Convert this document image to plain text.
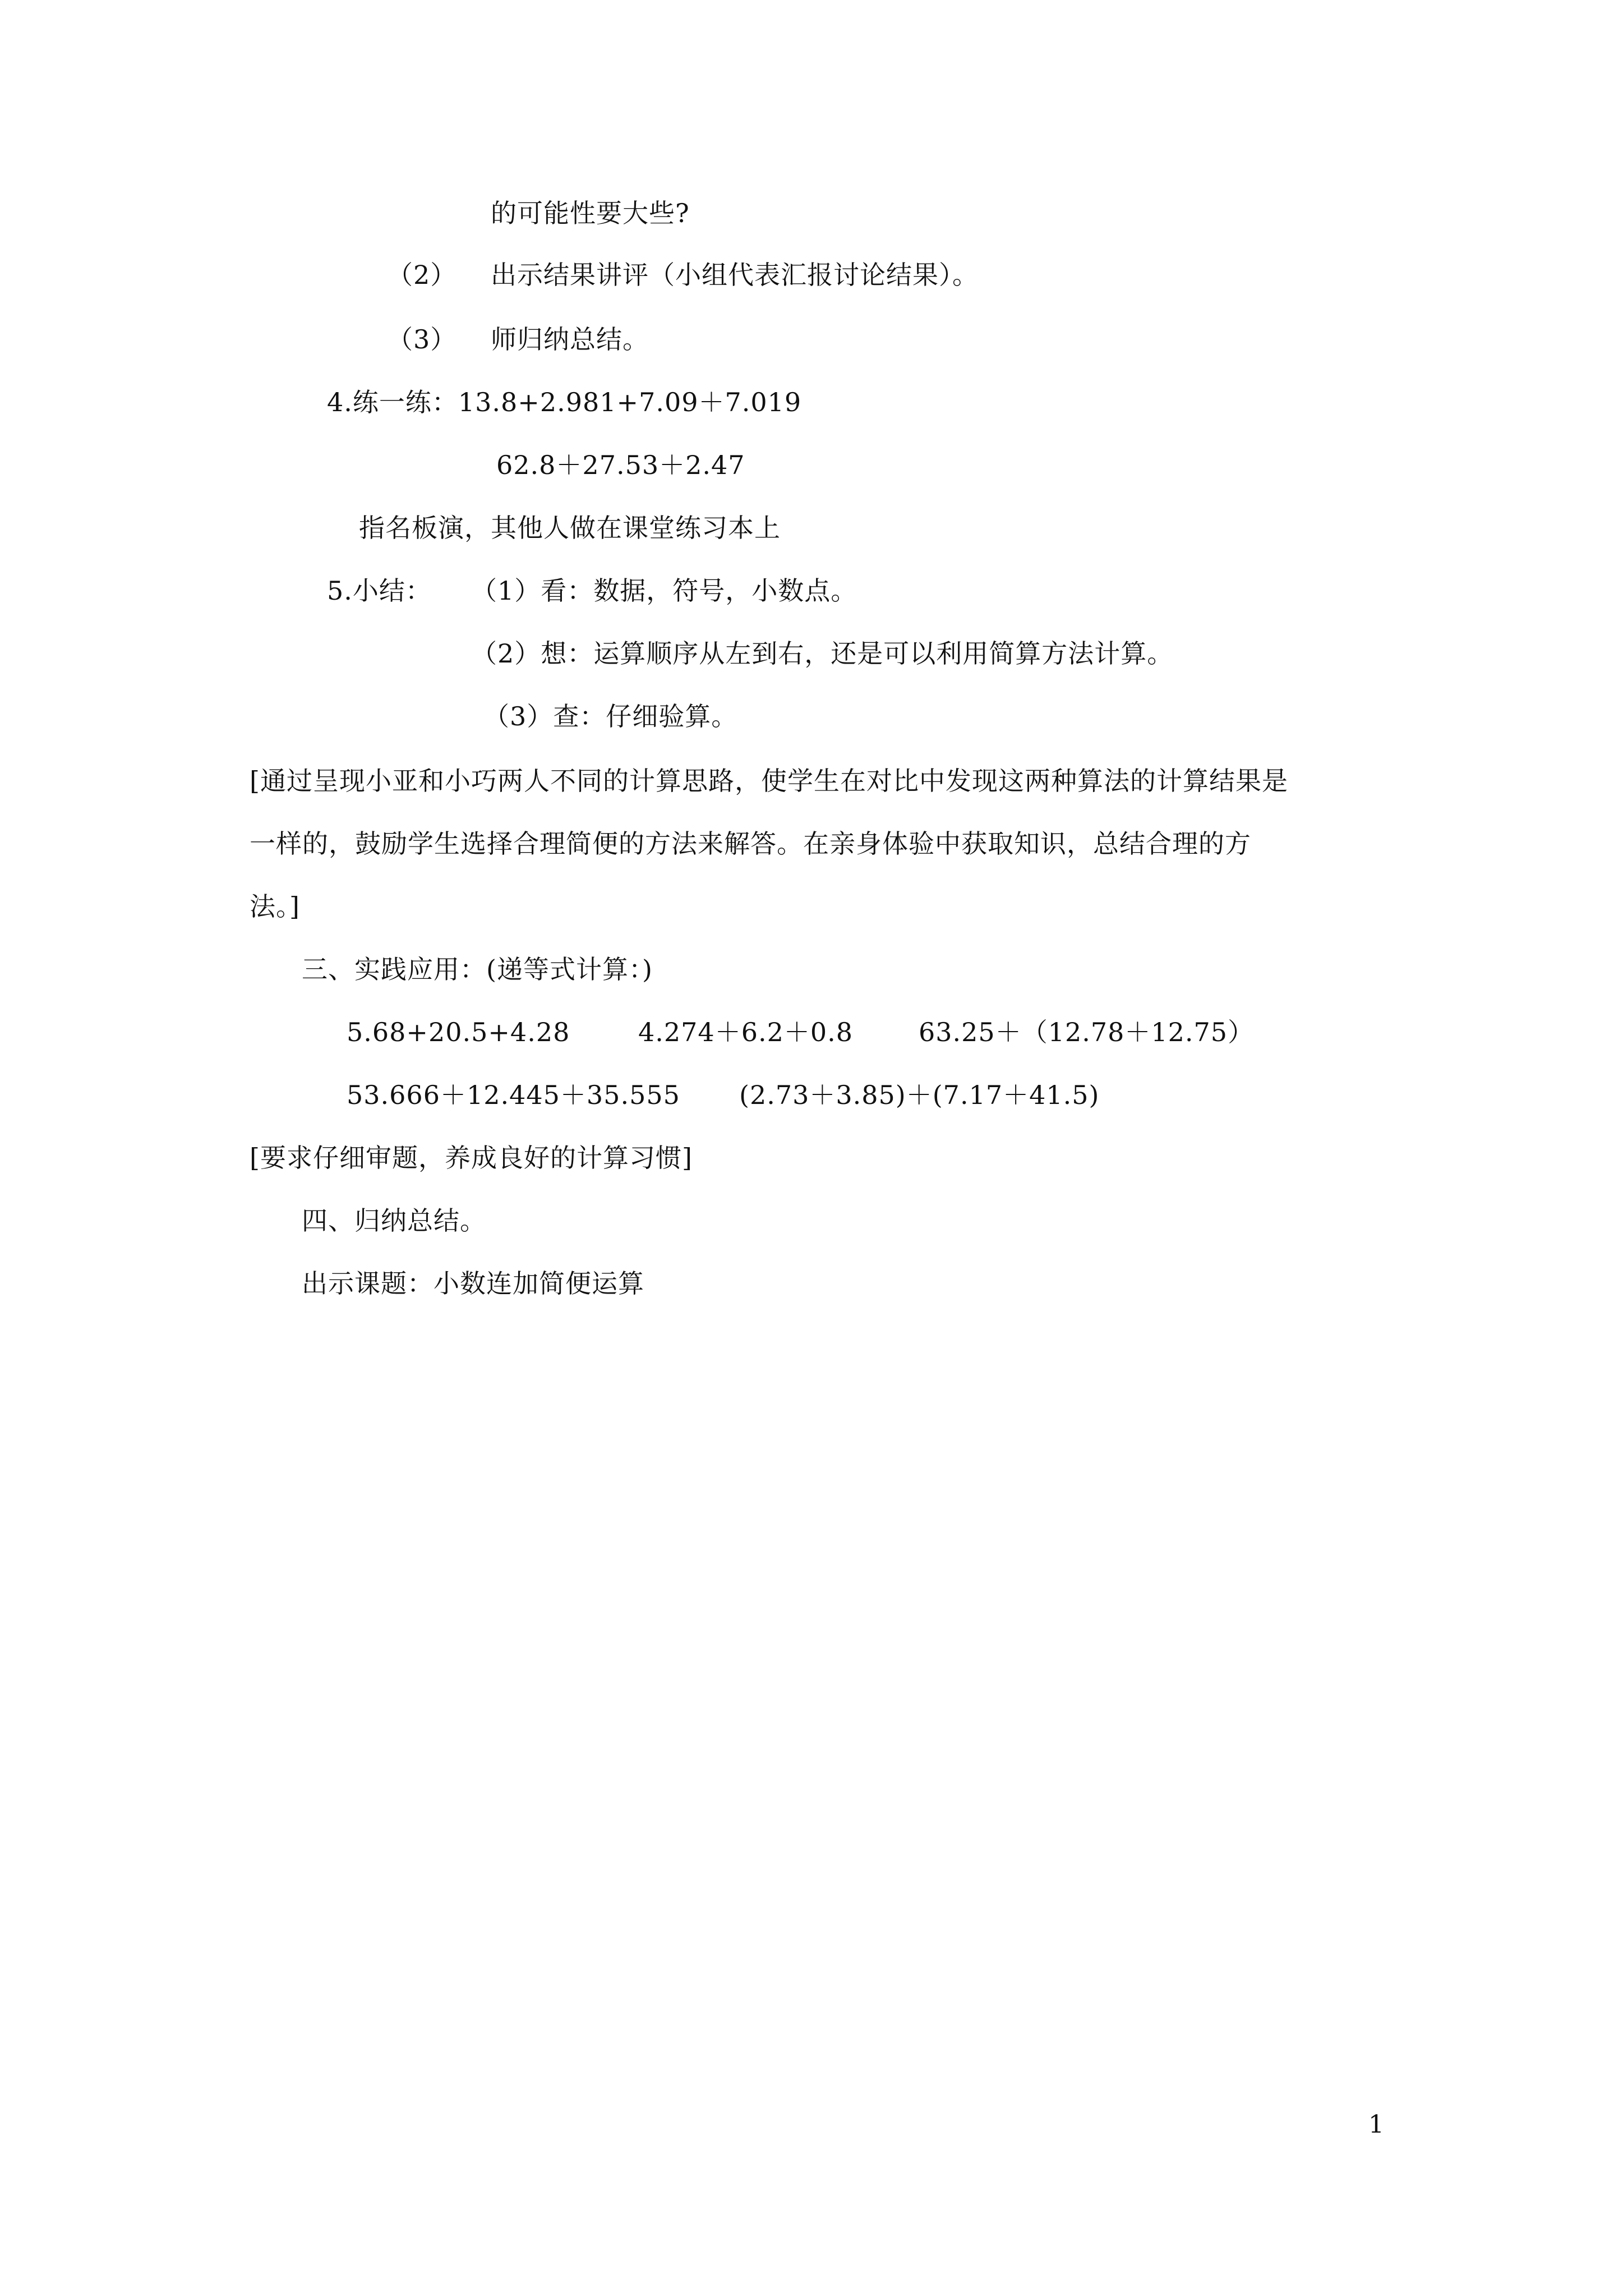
的可能性要大些?
（2） 出示结果讲评（小组代表汇报讨论结果）。
（3） 师归纳总结。
4.练一练：13.8+2.981+7.09＋7.019
62.8＋27.53＋2.47
指名板演，其他人做在课堂练习本上
5.小结： （1）看：数据，符号，小数点。
（2）想：运算顺序从左到右，还是可以利用简算方法计算。
（3）查：仔细验算。
[通过呈现小亚和小巧两人不同的计算思路，使学生在对比中发现这两种算法的计算结果是
一样的，鼓励学生选择合理简便的方法来解答。在亲身体验中获取知识，总结合理的方
法。]
三、实践应用：(递等式计算：)
5.68+20.5+4.28	4.274＋6.2＋0.8	63.25＋（12.78＋12.75）
53.666＋12.445＋35.555 (2.73＋3.85)＋(7.17＋41.5)
[要求仔细审题，养成良好的计算习惯]
四、归纳总结。
出示课题：小数连加简便运算
1
